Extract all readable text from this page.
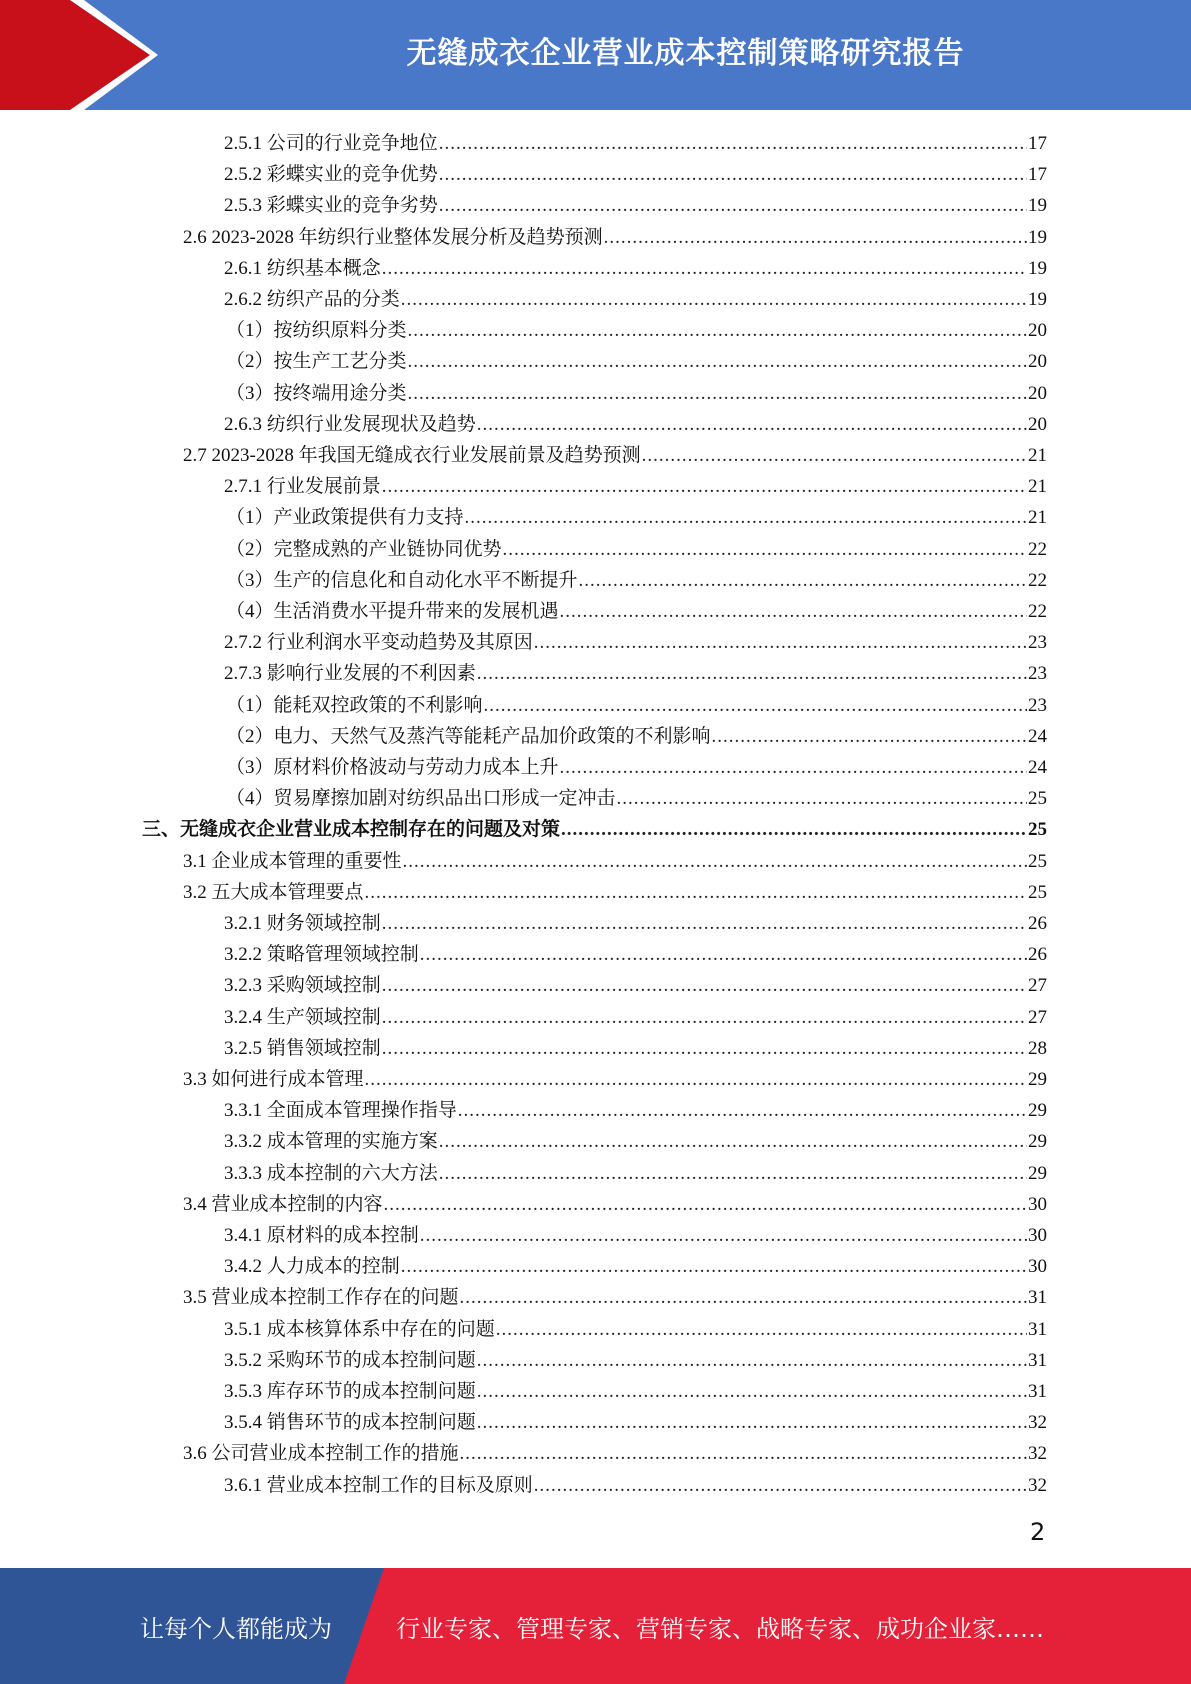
无缝成衣企业营业成本控制策略研究报告
2.5.1 公司的行业竞争地位 .....	17
2.5.2 彩蝶实业的竞争优势 .....	17
2.5.3 彩蝶实业的竞争劣势 .....	19
2.6 2023-2028 年纺织行业整体发展分析及趋势预测 .....	19
2.6.1 纺织基本概念 .....	19
2.6.2 纺织产品的分类 .....	19
（1）按纺织原料分类 .....	20
（2）按生产工艺分类 .....	20
（3）按终端用途分类 .....	20
2.6.3 纺织行业发展现状及趋势 .....	20
2.7 2023-2028 年我国无缝成衣行业发展前景及趋势预测 .....	21
2.7.1 行业发展前景 .....	21
（1）产业政策提供有力支持 .....	21
（2）完整成熟的产业链协同优势 .....	22
（3）生产的信息化和自动化水平不断提升 .....	22
（4）生活消费水平提升带来的发展机遇 .....	22
2.7.2 行业利润水平变动趋势及其原因 .....	23
2.7.3 影响行业发展的不利因素 .....	23
（1）能耗双控政策的不利影响 .....	23
（2）电力、天然气及蒸汽等能耗产品加价政策的不利影响 .....	24
（3）原材料价格波动与劳动力成本上升 .....	24
（4）贸易摩擦加剧对纺织品出口形成一定冲击 .....	25
三、无缝成衣企业营业成本控制存在的问题及对策 .....	25
3.1 企业成本管理的重要性 .....	25
3.2 五大成本管理要点 .....	25
3.2.1 财务领域控制 .....	26
3.2.2 策略管理领域控制 .....	26
3.2.3 采购领域控制 .....	27
3.2.4 生产领域控制 .....	27
3.2.5 销售领域控制 .....	28
3.3 如何进行成本管理 .....	29
3.3.1 全面成本管理操作指导 .....	29
3.3.2 成本管理的实施方案 .....	29
3.3.3 成本控制的六大方法 .....	29
3.4 营业成本控制的内容 .....	30
3.4.1 原材料的成本控制 .....	30
3.4.2 人力成本的控制 .....	30
3.5 营业成本控制工作存在的问题 .....	31
3.5.1 成本核算体系中存在的问题 .....	31
3.5.2 采购环节的成本控制问题 .....	31
3.5.3 库存环节的成本控制问题 .....	31
3.5.4 销售环节的成本控制问题 .....	32
3.6 公司营业成本控制工作的措施 .....	32
3.6.1 营业成本控制工作的目标及原则 .....	32
2
让每个人都能成为	行业专家、管理专家、营销专家、战略专家、成功企业家……
